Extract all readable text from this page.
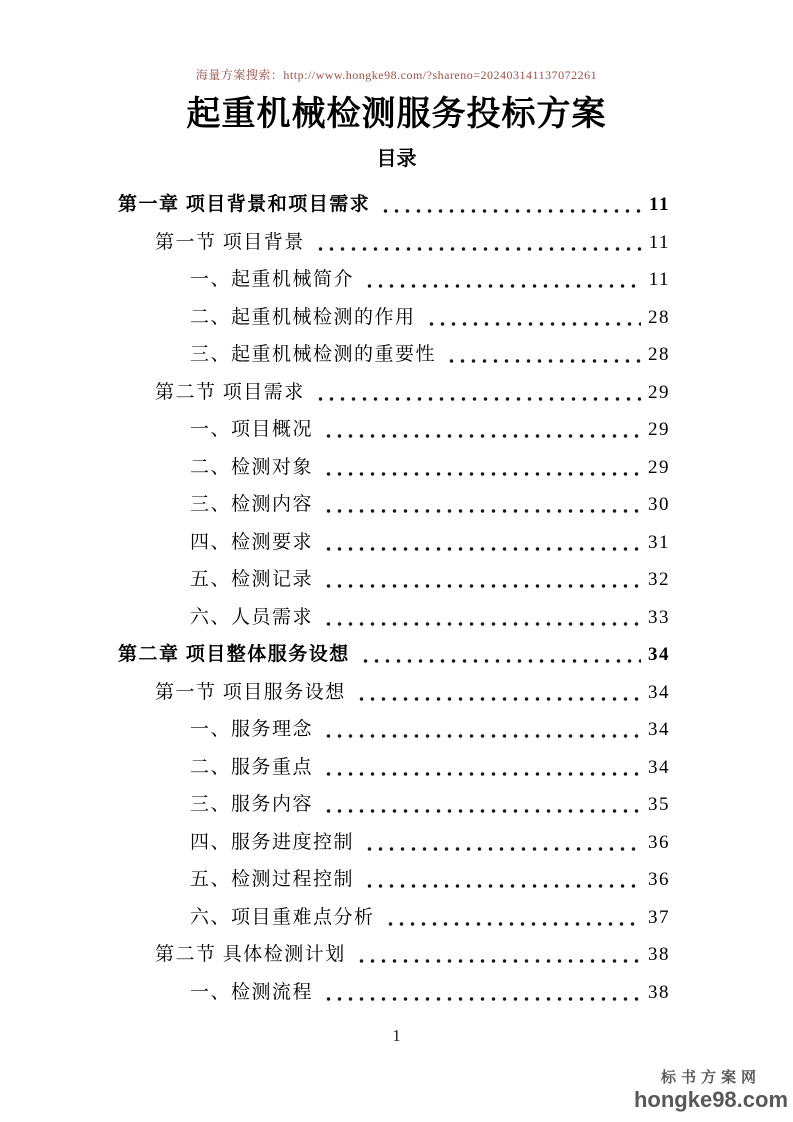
海量方案搜索：http://www.hongke98.com/?shareno=202403141137072261
起重机械检测服务投标方案
目录
第一章 项目背景和项目需求	11
第一节 项目背景	11
一、起重机械简介	11
二、起重机械检测的作用	28
三、起重机械检测的重要性	28
第二节 项目需求	29
一、项目概况	29
二、检测对象	29
三、检测内容	30
四、检测要求	31
五、检测记录	32
六、人员需求	33
第二章 项目整体服务设想	34
第一节 项目服务设想	34
一、服务理念	34
二、服务重点	34
三、服务内容	35
四、服务进度控制	36
五、检测过程控制	36
六、项目重难点分析	37
第二节 具体检测计划	38
一、检测流程	38
1
标书方案网
hongke98.com
